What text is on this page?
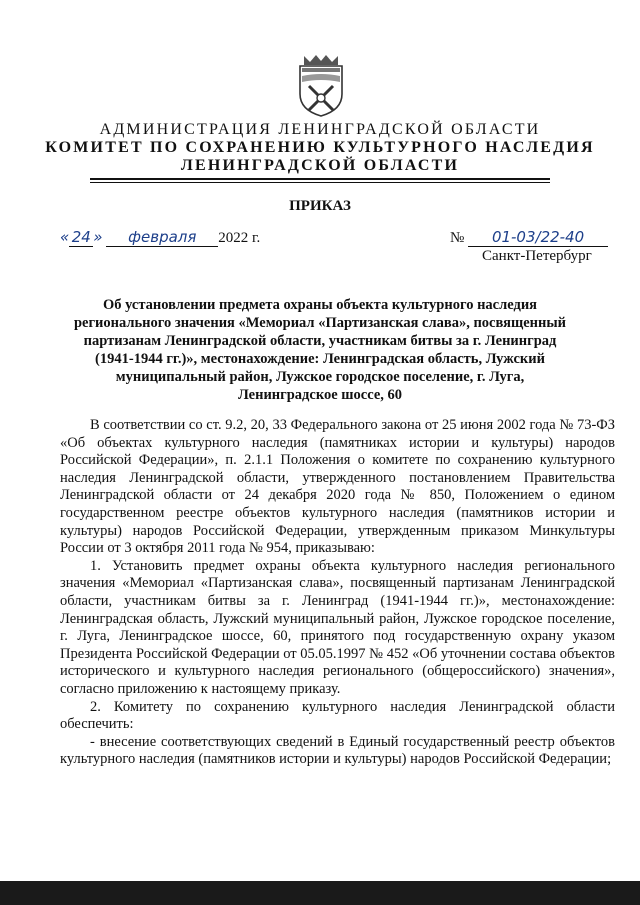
АДМИНИСТРАЦИЯ ЛЕНИНГРАДСКОЙ ОБЛАСТИ
КОМИТЕТ ПО СОХРАНЕНИЮ КУЛЬТУРНОГО НАСЛЕДИЯ
ЛЕНИНГРАДСКОЙ ОБЛАСТИ
ПРИКАЗ
« 24 » февраля 2022 г.	№ 01-03/22-40
Санкт-Петербург
Об установлении предмета охраны объекта культурного наследия регионального значения «Мемориал «Партизанская слава», посвященный партизанам Ленинградской области, участникам битвы за г. Ленинград (1941-1944 гг.)», местонахождение: Ленинградская область, Лужский муниципальный район, Лужское городское поселение, г. Луга, Ленинградское шоссе, 60

В соответствии со ст. 9.2, 20, 33 Федерального закона от 25 июня 2002 года № 73-ФЗ «Об объектах культурного наследия (памятниках истории и культуры) народов Российской Федерации», п. 2.1.1 Положения о комитете по сохранению культурного наследия Ленинградской области, утвержденного постановлением Правительства Ленинградской области от 24 декабря 2020 года № 850, Положением о едином государственном реестре объектов культурного наследия (памятников истории и культуры) народов Российской Федерации, утвержденным приказом Минкультуры России от 3 октября 2011 года № 954, приказываю:

1. Установить предмет охраны объекта культурного наследия регионального значения «Мемориал «Партизанская слава», посвященный партизанам Ленинградской области, участникам битвы за г. Ленинград (1941-1944 гг.)», местонахождение: Ленинградская область, Лужский муниципальный район, Лужское городское поселение, г. Луга, Ленинградское шоссе, 60, принятого под государственную охрану указом Президента Российской Федерации от 05.05.1997 № 452 «Об уточнении состава объектов исторического и культурного наследия регионального (общероссийского) значения», согласно приложению к настоящему приказу.

2. Комитету по сохранению культурного наследия Ленинградской области обеспечить:

- внесение соответствующих сведений в Единый государственный реестр объектов культурного наследия (памятников истории и культуры) народов Российской Федерации;
